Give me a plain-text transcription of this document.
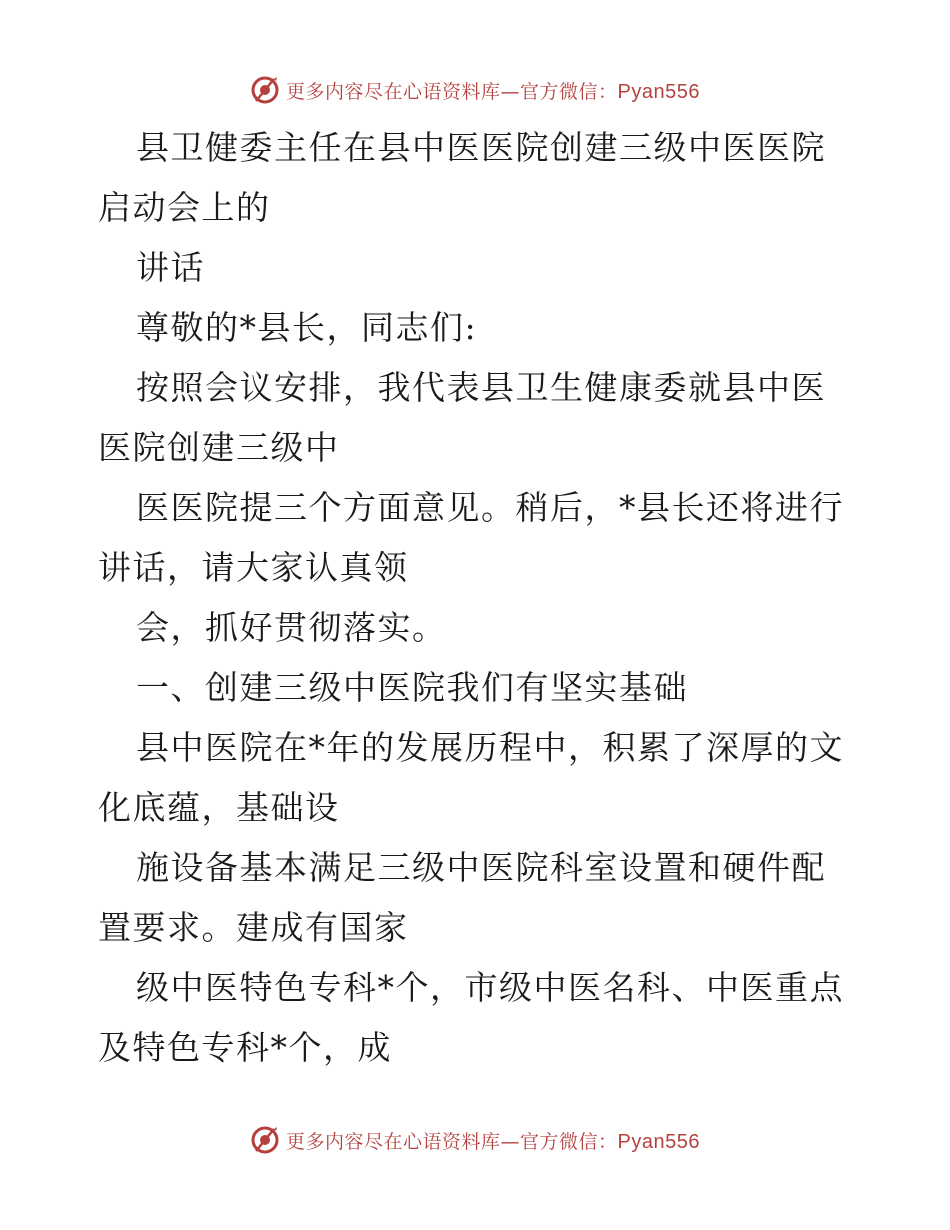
更多内容尽在心语资料库—官方微信：Pyan556

县卫健委主任在县中医医院创建三级中医医院启动会上的

讲话

尊敬的*县长，同志们:

按照会议安排，我代表县卫生健康委就县中医医院创建三级中

医医院提三个方面意见。稍后，*县长还将进行讲话，请大家认真领

会，抓好贯彻落实。

一、创建三级中医院我们有坚实基础

县中医院在*年的发展历程中，积累了深厚的文化底蕴，基础设

施设备基本满足三级中医院科室设置和硬件配置要求。建成有国家

级中医特色专科*个，市级中医名科、中医重点及特色专科*个，成

更多内容尽在心语资料库—官方微信：Pyan556
